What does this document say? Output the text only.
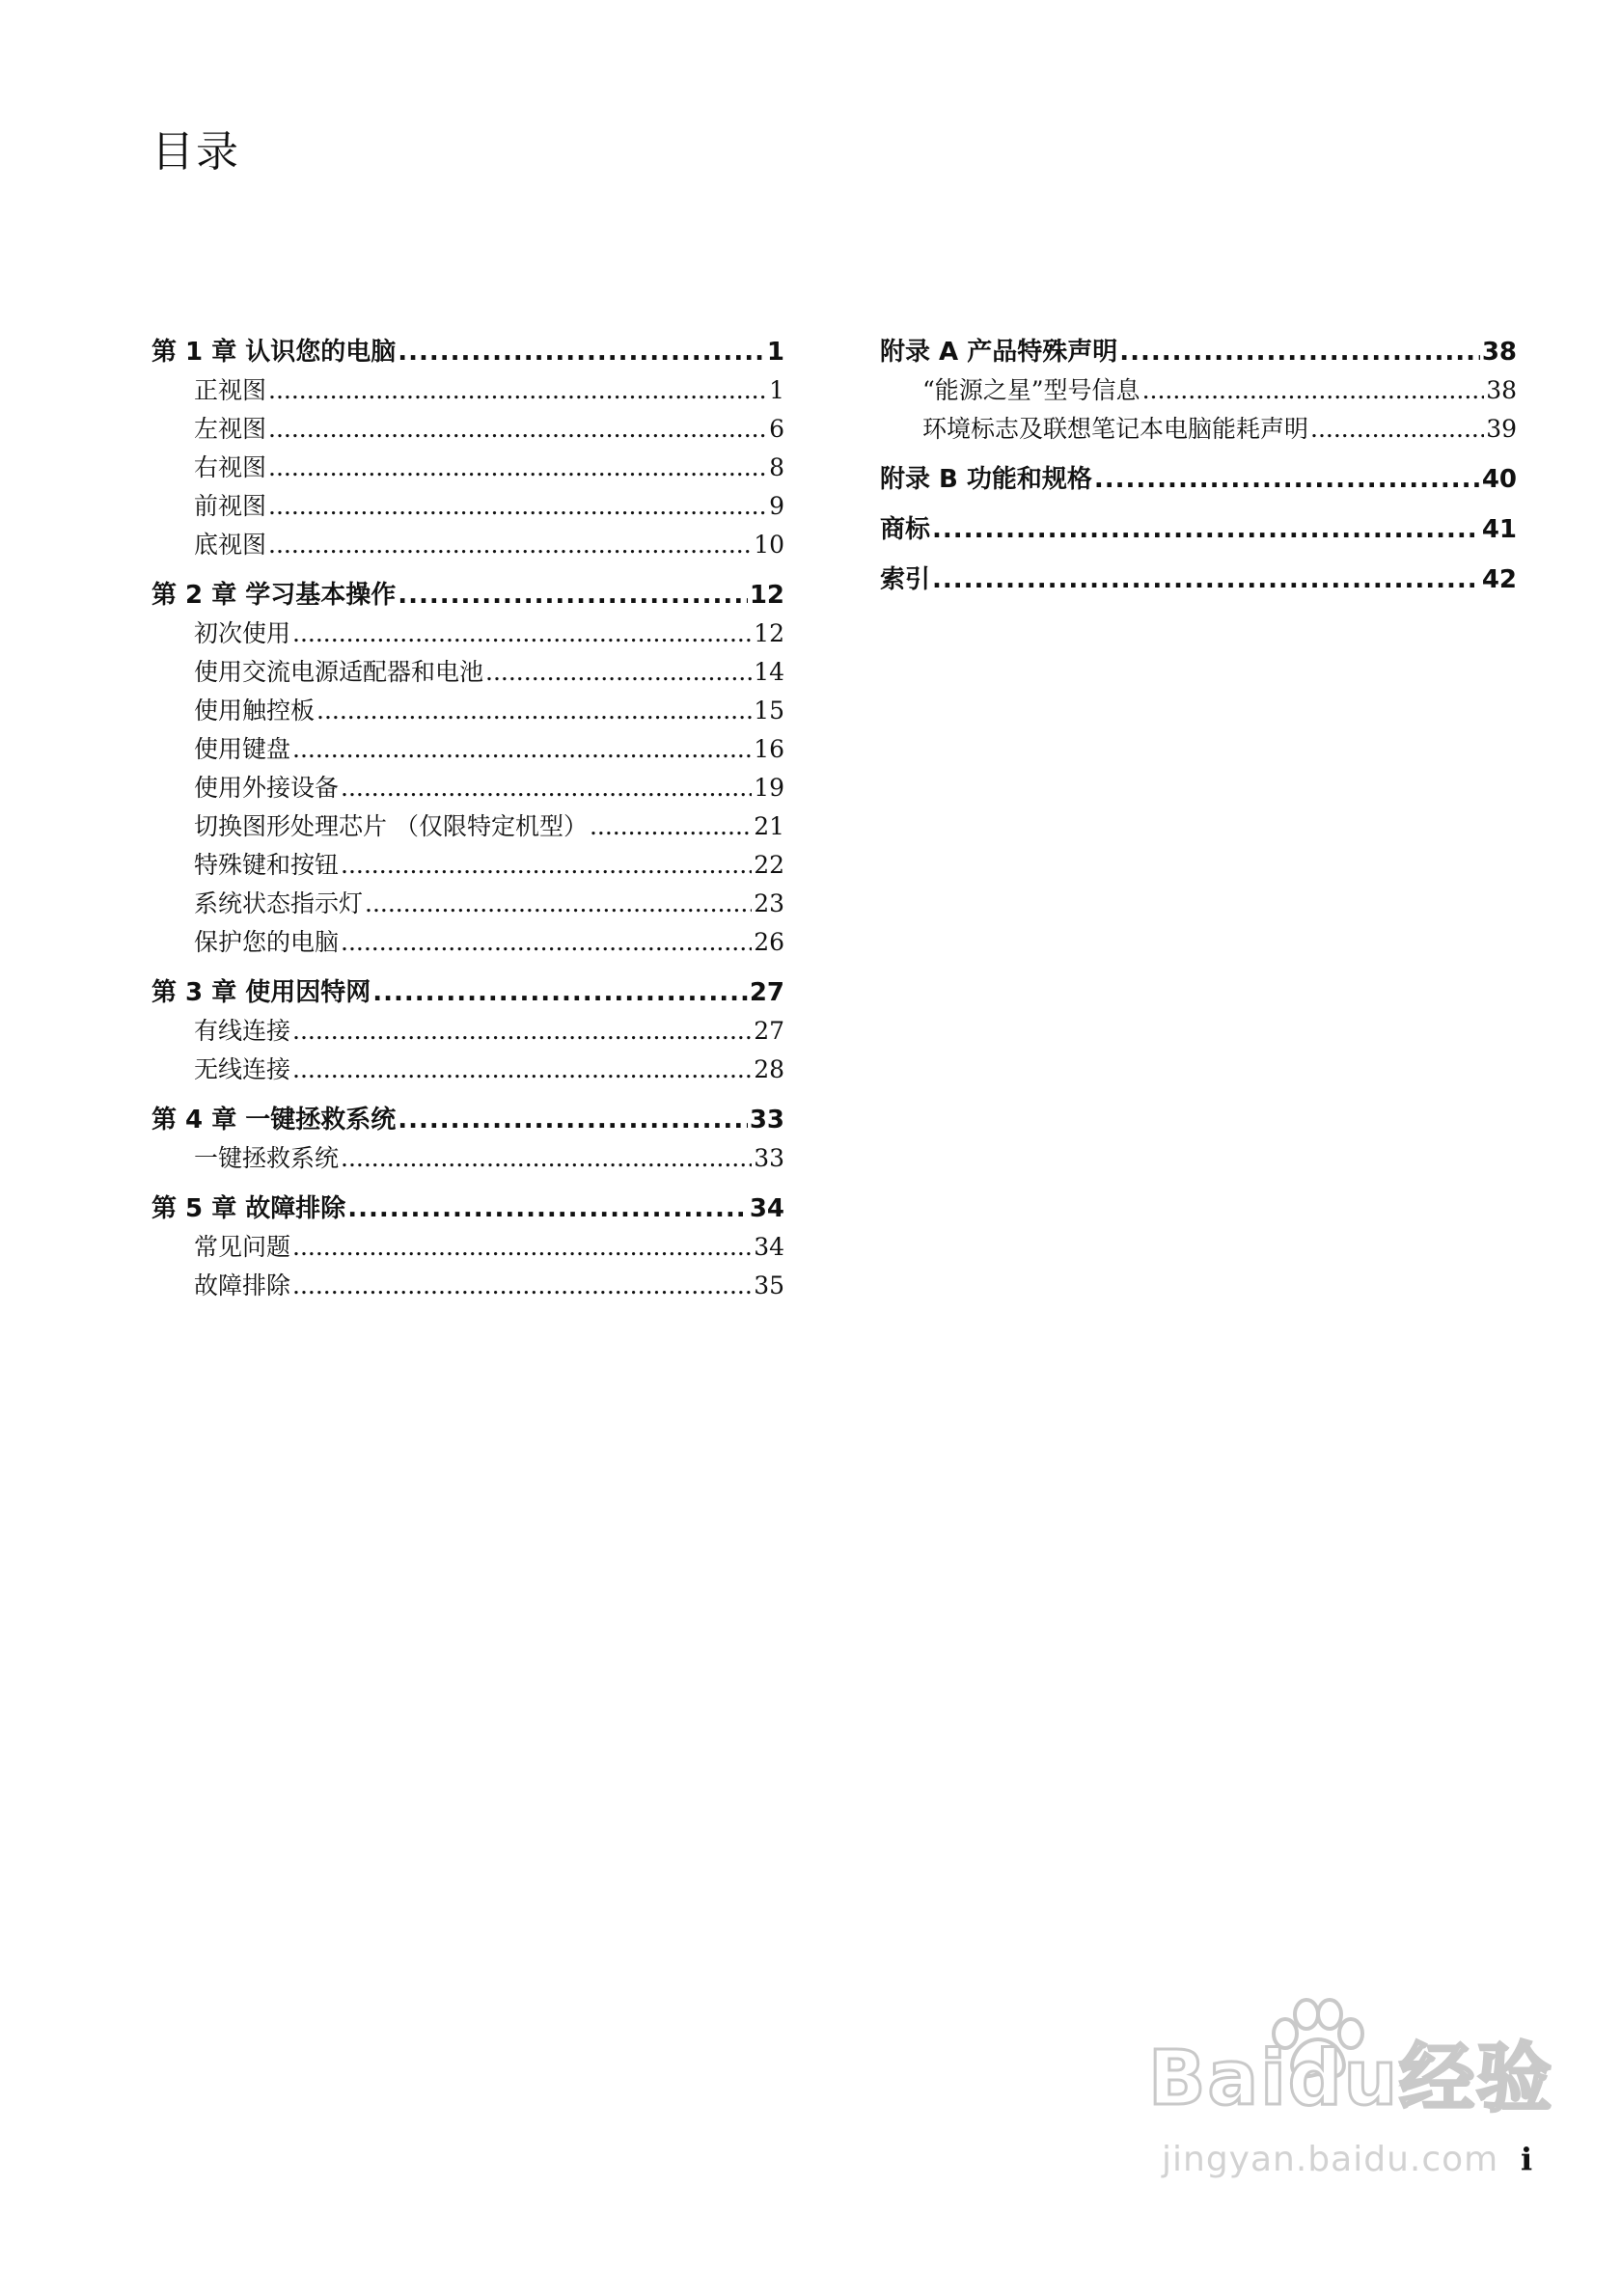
目录
第 1 章 认识您的电脑 .....	1
正视图 .....	1
左视图 .....	6
右视图 .....	8
前视图 .....	9
底视图 .....	10
第 2 章 学习基本操作 .....	12
初次使用 .....	12
使用交流电源适配器和电池 .....	14
使用触控板 .....	15
使用键盘 .....	16
使用外接设备 .....	19
切换图形处理芯片 （仅限特定机型） .....	21
特殊键和按钮 .....	22
系统状态指示灯 .....	23
保护您的电脑 .....	26
第 3 章 使用因特网 .....	27
有线连接 .....	27
无线连接 .....	28
第 4 章 一键拯救系统 .....	33
一键拯救系统 .....	33
第 5 章 故障排除 .....	34
常见问题 .....	34
故障排除 .....	35
附录 A 产品特殊声明 .....	38
“能源之星”型号信息 .....	38
环境标志及联想笔记本电脑能耗声明 .....	39
附录 B 功能和规格 .....	40
商标 .....	41
索引 .....	42
i
Baidu经验
jingyan.baidu.com
